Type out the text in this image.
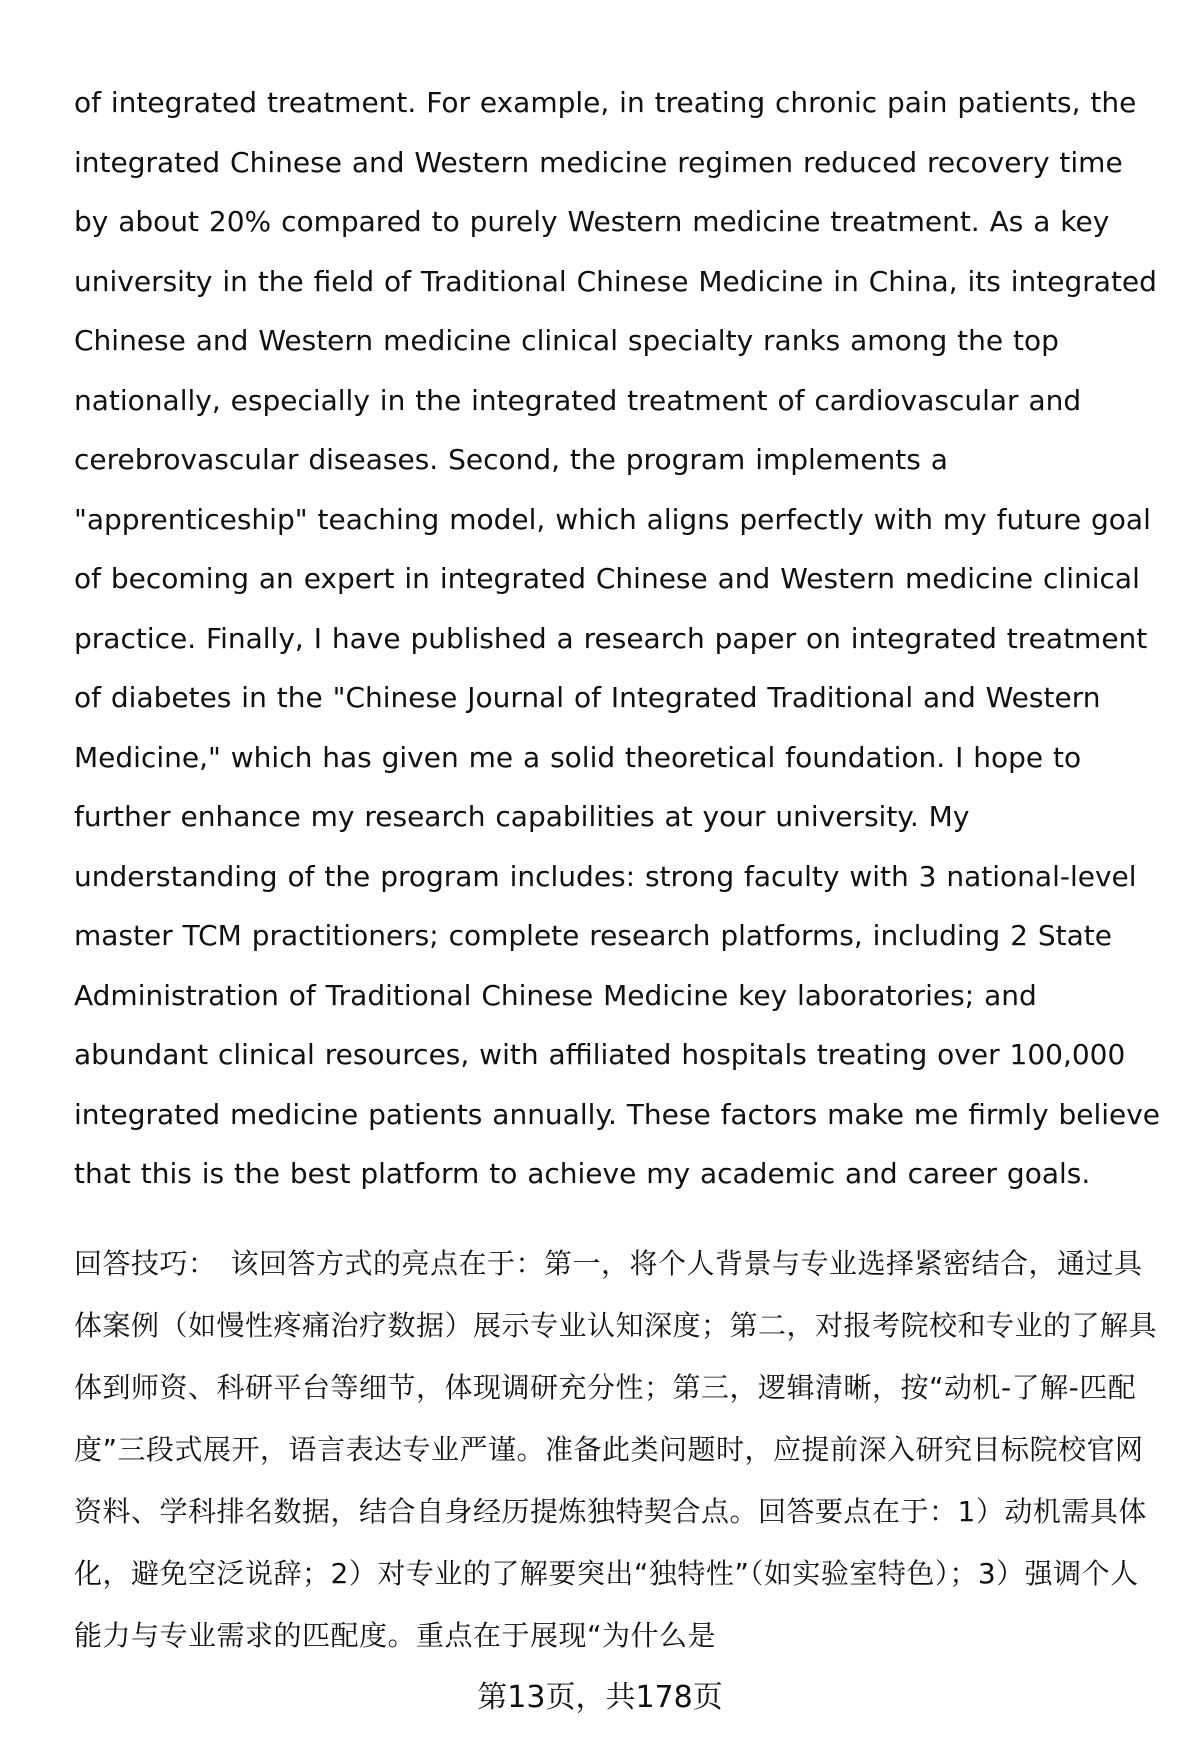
of integrated treatment. For example, in treating chronic pain patients, the integrated Chinese and Western medicine regimen reduced recovery time by about 20% compared to purely Western medicine treatment. As a key university in the field of Traditional Chinese Medicine in China, its integrated Chinese and Western medicine clinical specialty ranks among the top nationally, especially in the integrated treatment of cardiovascular and cerebrovascular diseases. Second, the program implements a "apprenticeship" teaching model, which aligns perfectly with my future goal of becoming an expert in integrated Chinese and Western medicine clinical practice. Finally, I have published a research paper on integrated treatment of diabetes in the "Chinese Journal of Integrated Traditional and Western Medicine," which has given me a solid theoretical foundation. I hope to further enhance my research capabilities at your university. My understanding of the program includes: strong faculty with 3 national-level master TCM practitioners; complete research platforms, including 2 State Administration of Traditional Chinese Medicine key laboratories; and abundant clinical resources, with affiliated hospitals treating over 100,000 integrated medicine patients annually. These factors make me firmly believe that this is the best platform to achieve my academic and career goals.

回答技巧： 该回答方式的亮点在于：第一，将个人背景与专业选择紧密结合，通过具体案例（如慢性疼痛治疗数据）展示专业认知深度；第二，对报考院校和专业的了解具体到师资、科研平台等细节，体现调研充分性；第三，逻辑清晰，按“动机-了解-匹配度”三段式展开，语言表达专业严谨。准备此类问题时，应提前深入研究目标院校官网资料、学科排名数据，结合自身经历提炼独特契合点。回答要点在于：1）动机需具体化，避免空泛说辞；2）对专业的了解要突出“独特性”（如实验室特色）；3）强调个人能力与专业需求的匹配度。重点在于展现“为什么是

第13页，共178页
